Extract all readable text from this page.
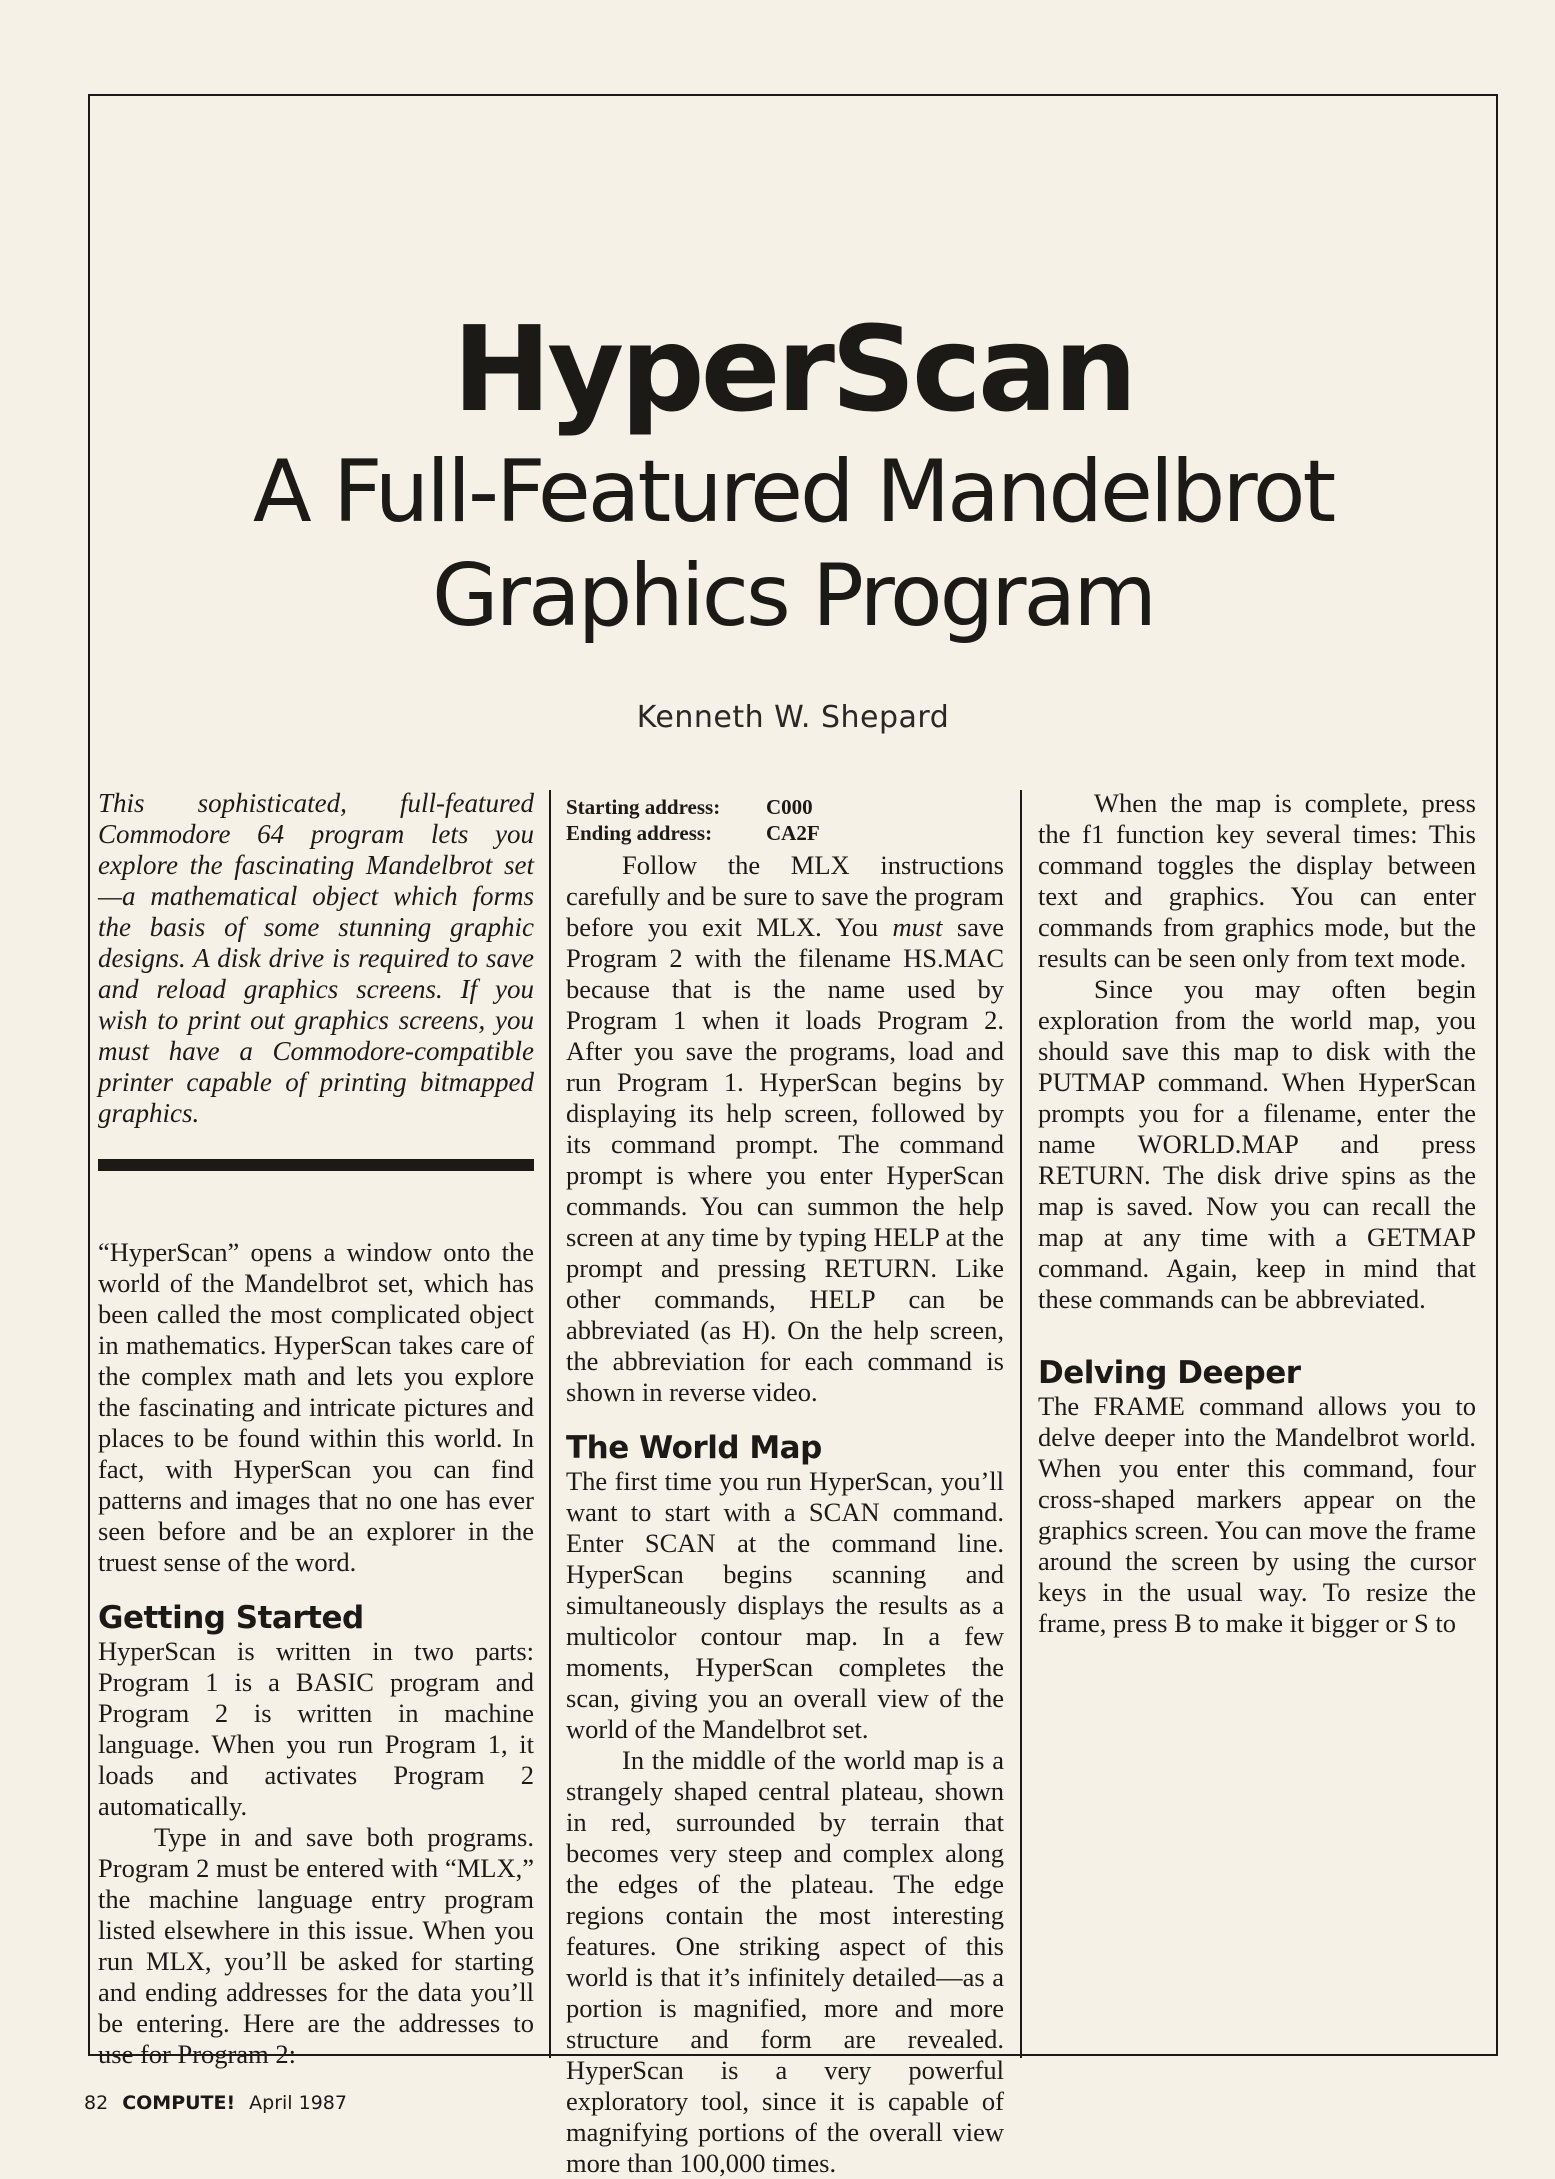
HyperScan
A Full-Featured Mandelbrot
Graphics Program
Kenneth W. Shepard

This sophisticated, full-featured Commodore 64 program lets you explore the fascinating Mandelbrot set—a mathematical object which forms the basis of some stunning graphic designs. A disk drive is required to save and reload graphics screens. If you wish to print out graphics screens, you must have a Commodore-compatible printer capable of printing bitmapped graphics.

“HyperScan” opens a window onto the world of the Mandelbrot set, which has been called the most complicated object in mathematics. HyperScan takes care of the complex math and lets you explore the fascinating and intricate pictures and places to be found within this world. In fact, with HyperScan you can find patterns and images that no one has ever seen before and be an explorer in the truest sense of the word.

Getting Started

HyperScan is written in two parts: Program 1 is a BASIC program and Program 2 is written in machine language. When you run Program 1, it loads and activates Program 2 automatically.

Type in and save both programs. Program 2 must be entered with “MLX,” the machine language entry program listed elsewhere in this issue. When you run MLX, you’ll be asked for starting and ending addresses for the data you’ll be entering. Here are the addresses to use for Program 2:

Starting address:	C000
Ending address:	CA2F

Follow the MLX instructions carefully and be sure to save the program before you exit MLX. You must save Program 2 with the filename HS.MAC because that is the name used by Program 1 when it loads Program 2. After you save the programs, load and run Program 1. HyperScan begins by displaying its help screen, followed by its command prompt. The command prompt is where you enter HyperScan commands. You can summon the help screen at any time by typing HELP at the prompt and pressing RETURN. Like other commands, HELP can be abbreviated (as H). On the help screen, the abbreviation for each command is shown in reverse video.

The World Map

The first time you run HyperScan, you’ll want to start with a SCAN command. Enter SCAN at the command line. HyperScan begins scanning and simultaneously displays the results as a multicolor contour map. In a few moments, HyperScan completes the scan, giving you an overall view of the world of the Mandelbrot set.

In the middle of the world map is a strangely shaped central plateau, shown in red, surrounded by terrain that becomes very steep and complex along the edges of the plateau. The edge regions contain the most interesting features. One striking aspect of this world is that it’s infinitely detailed—as a portion is magnified, more and more structure and form are revealed. HyperScan is a very powerful exploratory tool, since it is capable of magnifying portions of the overall view more than 100,000 times.

When the map is complete, press the f1 function key several times: This command toggles the display between text and graphics. You can enter commands from graphics mode, but the results can be seen only from text mode.

Since you may often begin exploration from the world map, you should save this map to disk with the PUTMAP command. When HyperScan prompts you for a filename, enter the name WORLD.MAP and press RETURN. The disk drive spins as the map is saved. Now you can recall the map at any time with a GETMAP command. Again, keep in mind that these commands can be abbreviated.

Delving Deeper

The FRAME command allows you to delve deeper into the Mandelbrot world. When you enter this command, four cross-shaped markers appear on the graphics screen. You can move the frame around the screen by using the cursor keys in the usual way. To resize the frame, press B to make it bigger or S to

82 COMPUTE! April 1987
